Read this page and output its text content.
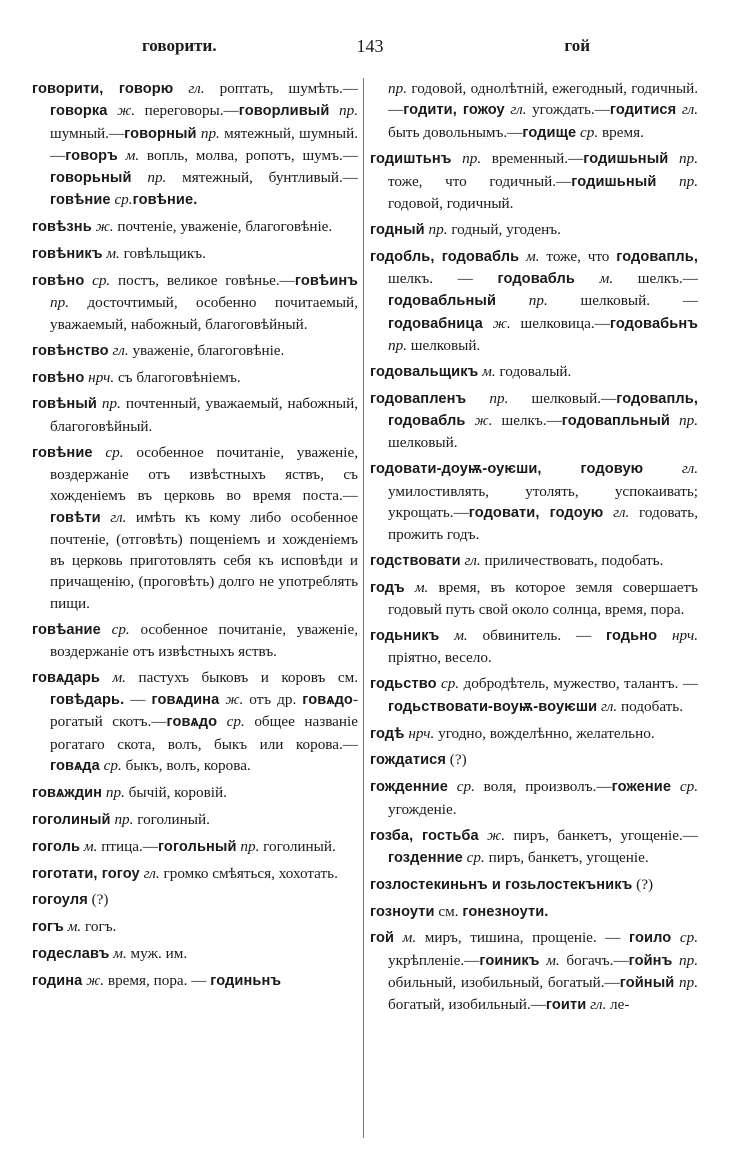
говорити.	143	гой
говорити, говорю гл. роптать, шумѣть.—говорка ж. переговоры.—говорливый пр. шумный.—говорный пр. мятежный, шумный.—говоръ м. вопль, молва, ропотъ, шумъ.—говорьный пр. мятежный, бунтливый.—говѣние ср.говѣние.
говѣзнь ж. почтеніе, уваженіе, благоговѣніе.
говѣникъ м. говѣльщикъ.
говѣно ср. постъ, великое говѣнье.—говѣинъ пр. досточтимый, особенно почитаемый, уважаемый, набожный, благоговѣйный.
говѣнство гл. уваженіе, благоговѣніе.
говѣно нрч. съ благоговѣніемъ.
говѣный пр. почтенный, уважаемый, набожный, благоговѣйный.
говѣние ср. особенное почитаніе, уваженіе, воздержаніе отъ извѣстныхъ яствъ, съ хожденіемъ въ церковь во время поста.—говѣти гл. имѣть къ кому либо особенное почтеніе, (отговѣть) пощеніемъ и хожденіемъ въ церковь приготовлять себя къ исповѣди и причащенію, (проговѣть) долго не употреблять пищи.
говѣание ср. особенное почитаніе, уваженіе, воздержаніе отъ извѣстныхъ яствъ.
говѧдарь м. пастухъ быковъ и коровъ см. говѣдарь. — говѧдина ж. отъ др. говѧдо-рогатый скотъ.—говѧдо ср. общее названіе рогатаго скота, волъ, быкъ или корова.—говѧда ср. быкъ, волъ, корова.
говѧждин пр. бычій, коровій.
гоголиный пр. гоголиный.
гоголь м. птица.—гогольный пр. гоголиный.
гоготати, гогоу гл. громко смѣяться, хохотать.
гогоуля (?)
гогъ м. гогъ.
годеславъ м. муж. им.
година ж. время, пора. — годиньнъ
пр. годовой, однолѣтній, ежегодный, годичный.—годити, гожоу гл. угождать.—годитися гл. быть довольнымъ.—годище ср. время.
годиштьнъ пр. временный.—годишьный пр. тоже, что годичный.—годишьный пр. годовой, годичный.
годный пр. годный, угоденъ.
годобль, годовабль м. тоже, что годовапль, шелкъ. — годовабль м. шелкъ.—годовабльный пр. шелковый. — годовабница ж. шелковица.—годовабьнъ пр. шелковый.
годовальщикъ м. годовалый.
годовапленъ пр. шелковый.—годовапль, годовабль ж. шелкъ.—годовапльный пр. шелковый.
годовати-доуѭ-оуѥши, годовую	гл. умилостивлять, утолять, успокаивать; укрощать.—годовати, годоую гл. годовать, прожить годъ.
годствовати гл. приличествовать, подобать.
годъ м. время, въ которое земля совершаетъ годовый путь свой около солнца, время, пора.
годьникъ м. обвинитель. — годьно нрч. пріятно, весело.
годьство ср. добродѣтель, мужество, талантъ. — годьствовати-воуѭ-воуѥши гл. подобать.
годѣ нрч. угодно, вожделѣнно, желательно.
гождатися (?)
гожденние ср. воля, произволъ.—гожение ср. угожденіе.
гозба, гостьба ж. пиръ, банкетъ, угощеніе.—гозденние ср. пиръ, банкетъ, угощеніе.
гозлостекиньнъ и гозьлостекъникъ (?)
гозноути см. гонезноути.
гой м. миръ, тишина, прощеніе. — гоило ср. укрѣпленіе.—гоиникъ м. богачъ.—гойнъ пр. обильный, изобильный, богатый.—гойный пр. богатый, изобильный.—гоити гл. ле-
